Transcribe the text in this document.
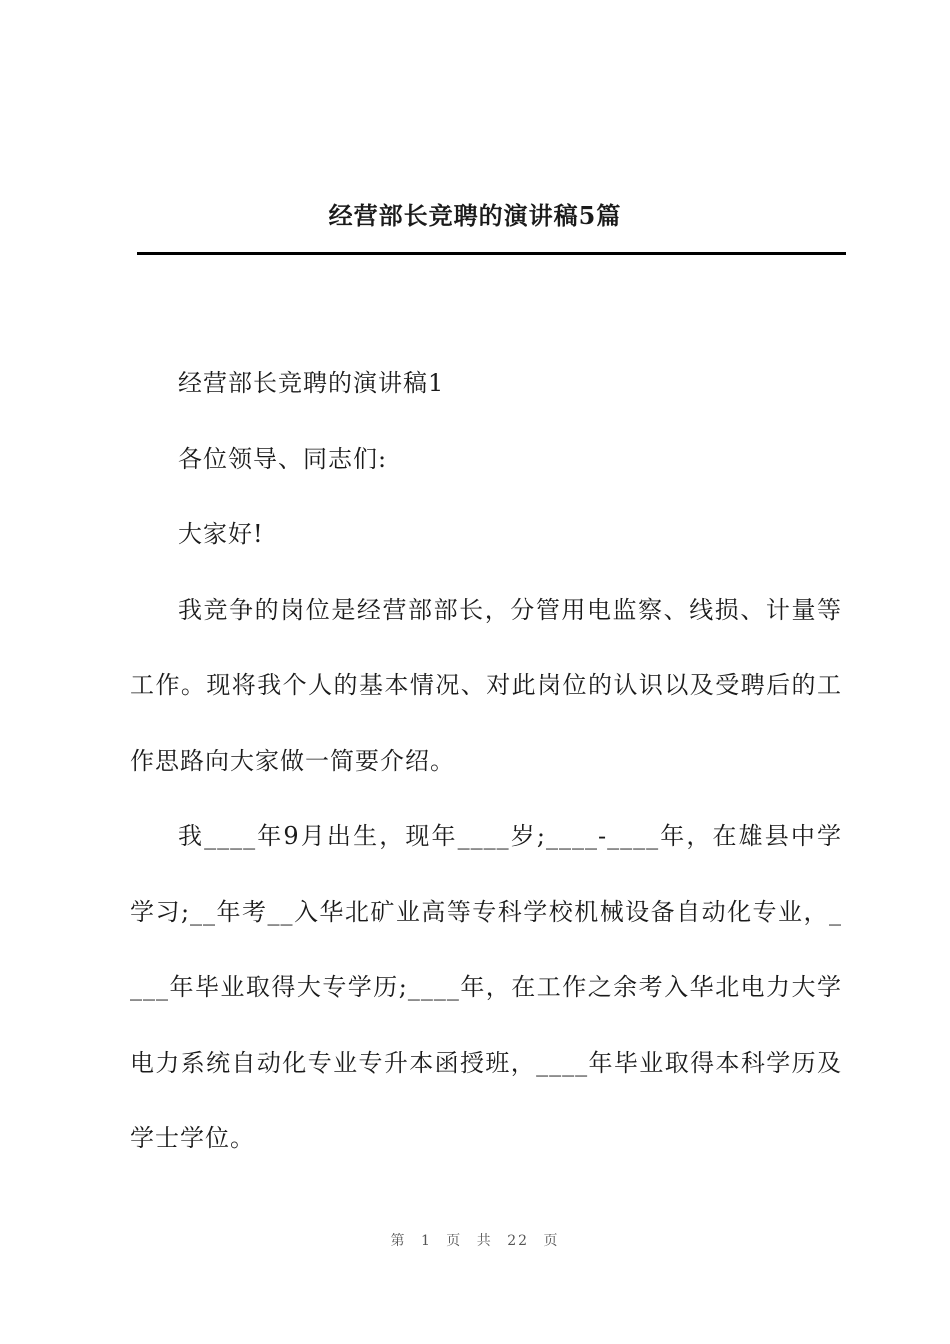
经营部长竞聘的演讲稿5篇

经营部长竞聘的演讲稿1

各位领导、同志们:

大家好!

我竞争的岗位是经营部部长，分管用电监察、线损、计量等工作。现将我个人的基本情况、对此岗位的认识以及受聘后的工作思路向大家做一简要介绍。

我____年9月出生，现年____岁;____-____年，在雄县中学学习;__年考__入华北矿业高等专科学校机械设备自动化专业，____年毕业取得大专学历;____年，在工作之余考入华北电力大学电力系统自动化专业专升本函授班，____年毕业取得本科学历及学士学位。

第 1 页 共 22 页
